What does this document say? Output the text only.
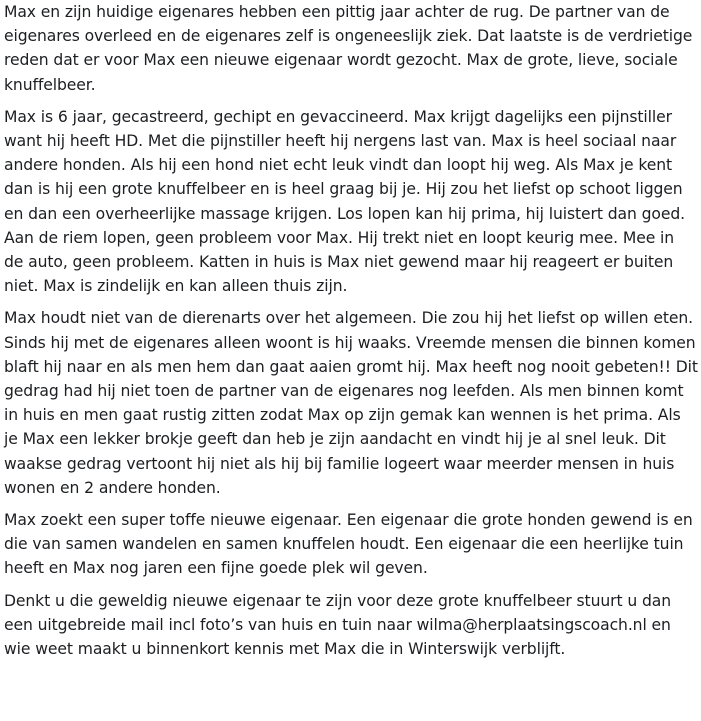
Max en zijn huidige eigenares hebben een pittig jaar achter de rug. De partner van de eigenares overleed en de eigenares zelf is ongeneeslijk ziek. Dat laatste is de verdrietige reden dat er voor Max een nieuwe eigenaar wordt gezocht. Max de grote, lieve, sociale knuffelbeer.

Max is 6 jaar, gecastreerd, gechipt en gevaccineerd. Max krijgt dagelijks een pijnstiller want hij heeft HD. Met die pijnstiller heeft hij nergens last van. Max is heel sociaal naar andere honden. Als hij een hond niet echt leuk vindt dan loopt hij weg. Als Max je kent dan is hij een grote knuffelbeer en is heel graag bij je. Hij zou het liefst op schoot liggen en dan een overheerlijke massage krijgen. Los lopen kan hij prima, hij luistert dan goed. Aan de riem lopen, geen probleem voor Max. Hij trekt niet en loopt keurig mee. Mee in de auto, geen probleem. Katten in huis is Max niet gewend maar hij reageert er buiten niet. Max is zindelijk en kan alleen thuis zijn.

Max houdt niet van de dierenarts over het algemeen. Die zou hij het liefst op willen eten. Sinds hij met de eigenares alleen woont is hij waaks. Vreemde mensen die binnen komen blaft hij naar en als men hem dan gaat aaien gromt hij. Max heeft nog nooit gebeten!! Dit gedrag had hij niet toen de partner van de eigenares nog leefden. Als men binnen komt in huis en men gaat rustig zitten zodat Max op zijn gemak kan wennen is het prima. Als je Max een lekker brokje geeft dan heb je zijn aandacht en vindt hij je al snel leuk. Dit waakse gedrag vertoont hij niet als hij bij familie logeert waar meerder mensen in huis wonen en 2 andere honden.

Max zoekt een super toffe nieuwe eigenaar. Een eigenaar die grote honden gewend is en die van samen wandelen en samen knuffelen houdt. Een eigenaar die een heerlijke tuin heeft en Max nog jaren een fijne goede plek wil geven.

Denkt u die geweldig nieuwe eigenaar te zijn voor deze grote knuffelbeer stuurt u dan een uitgebreide mail incl foto’s van huis en tuin naar wilma@herplaatsingscoach.nl en wie weet maakt u binnenkort kennis met Max die in Winterswijk verblijft.
